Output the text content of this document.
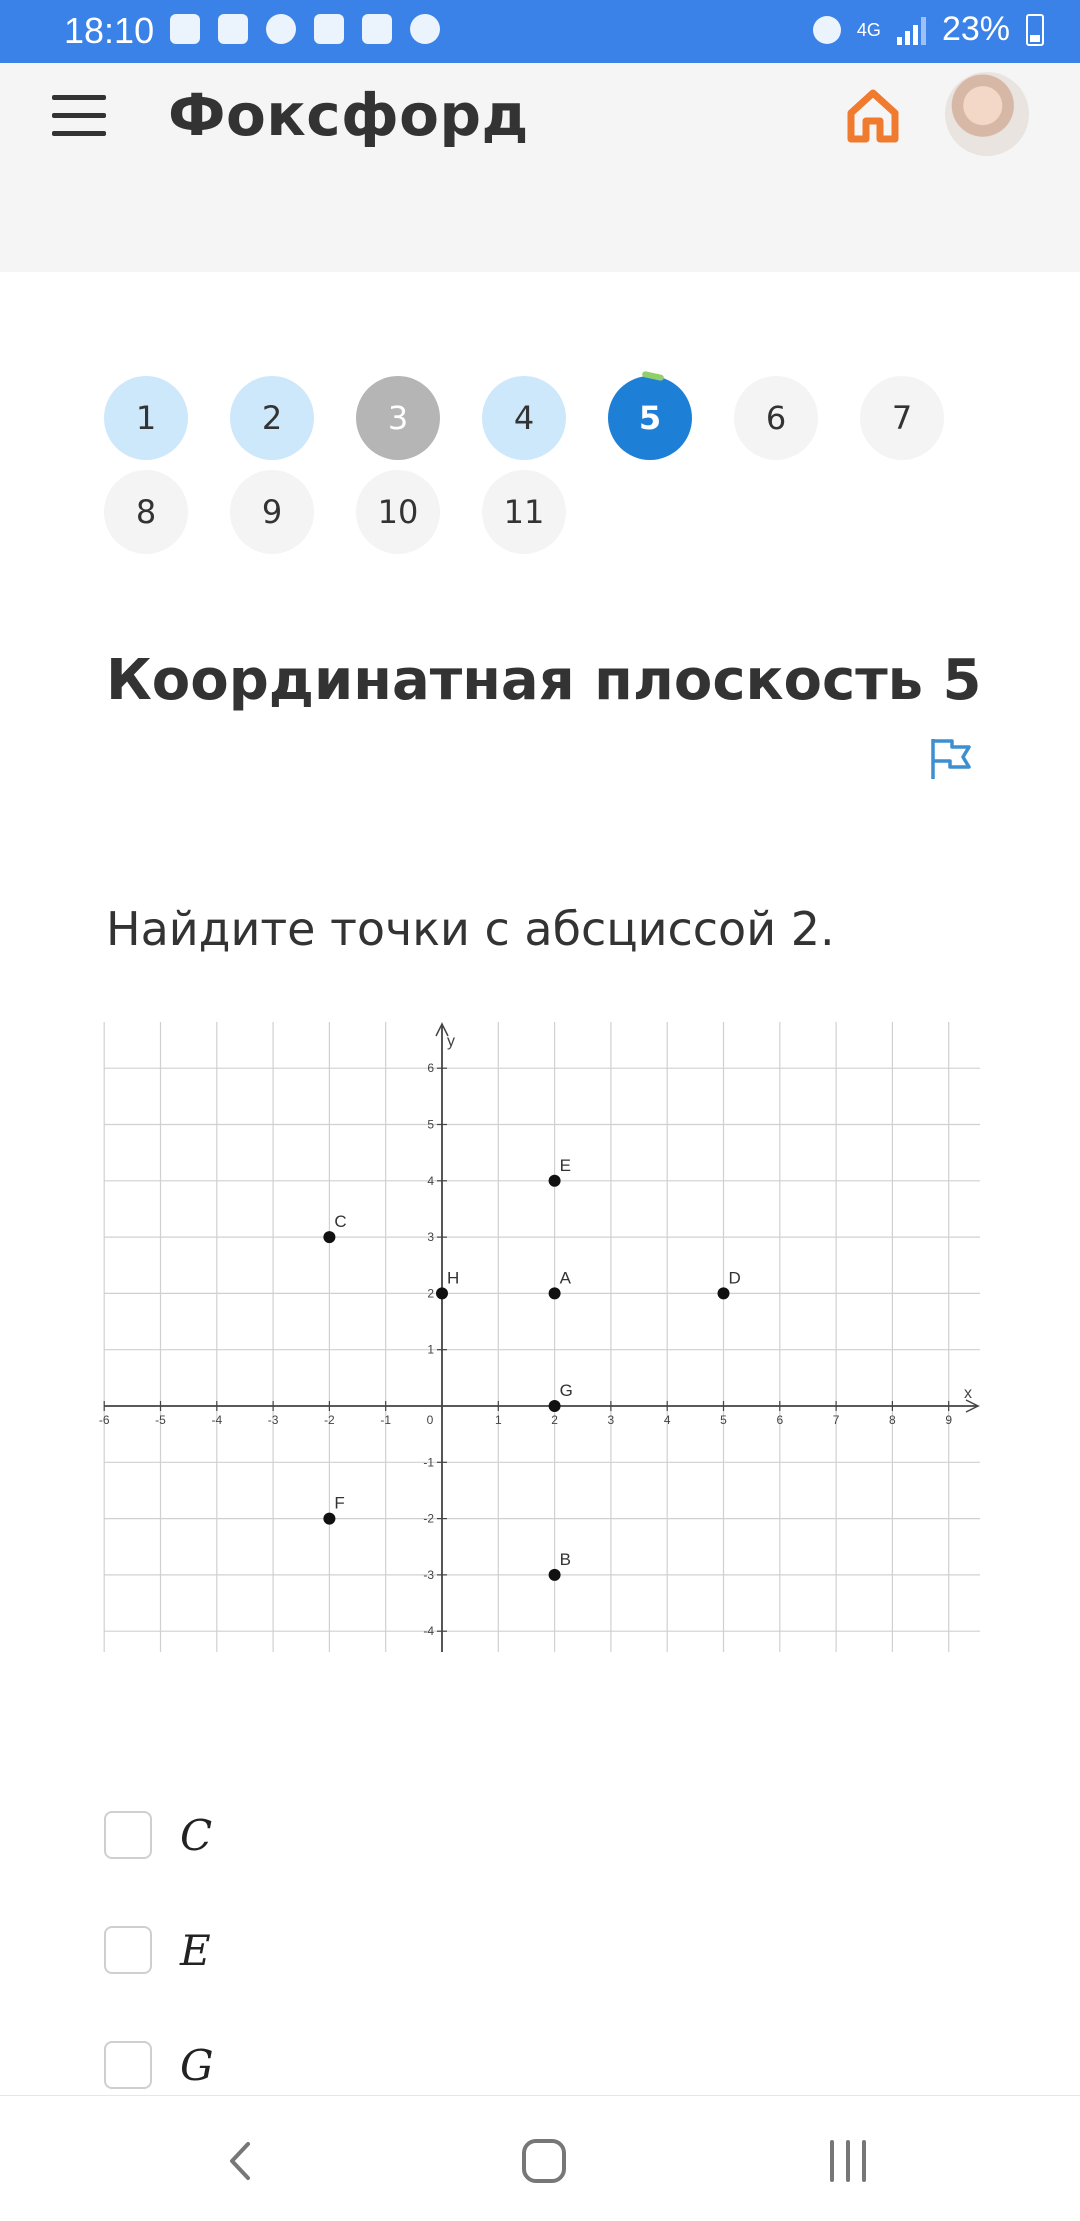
18:10	4G 23%
Фоксфорд
1	2	3	4	5	6	7
8	9	10	11
Координатная плоскость 5

Найдите точки с абсциссой 2.

x
y
-6	-5	-4	-3	-2	-1	0	1	2	3	4	5	6	7	8	9
-4
-3
-2
-1
1
2
3
4
5
6
A
B
C
D
E
F
G
H
C
E
G
